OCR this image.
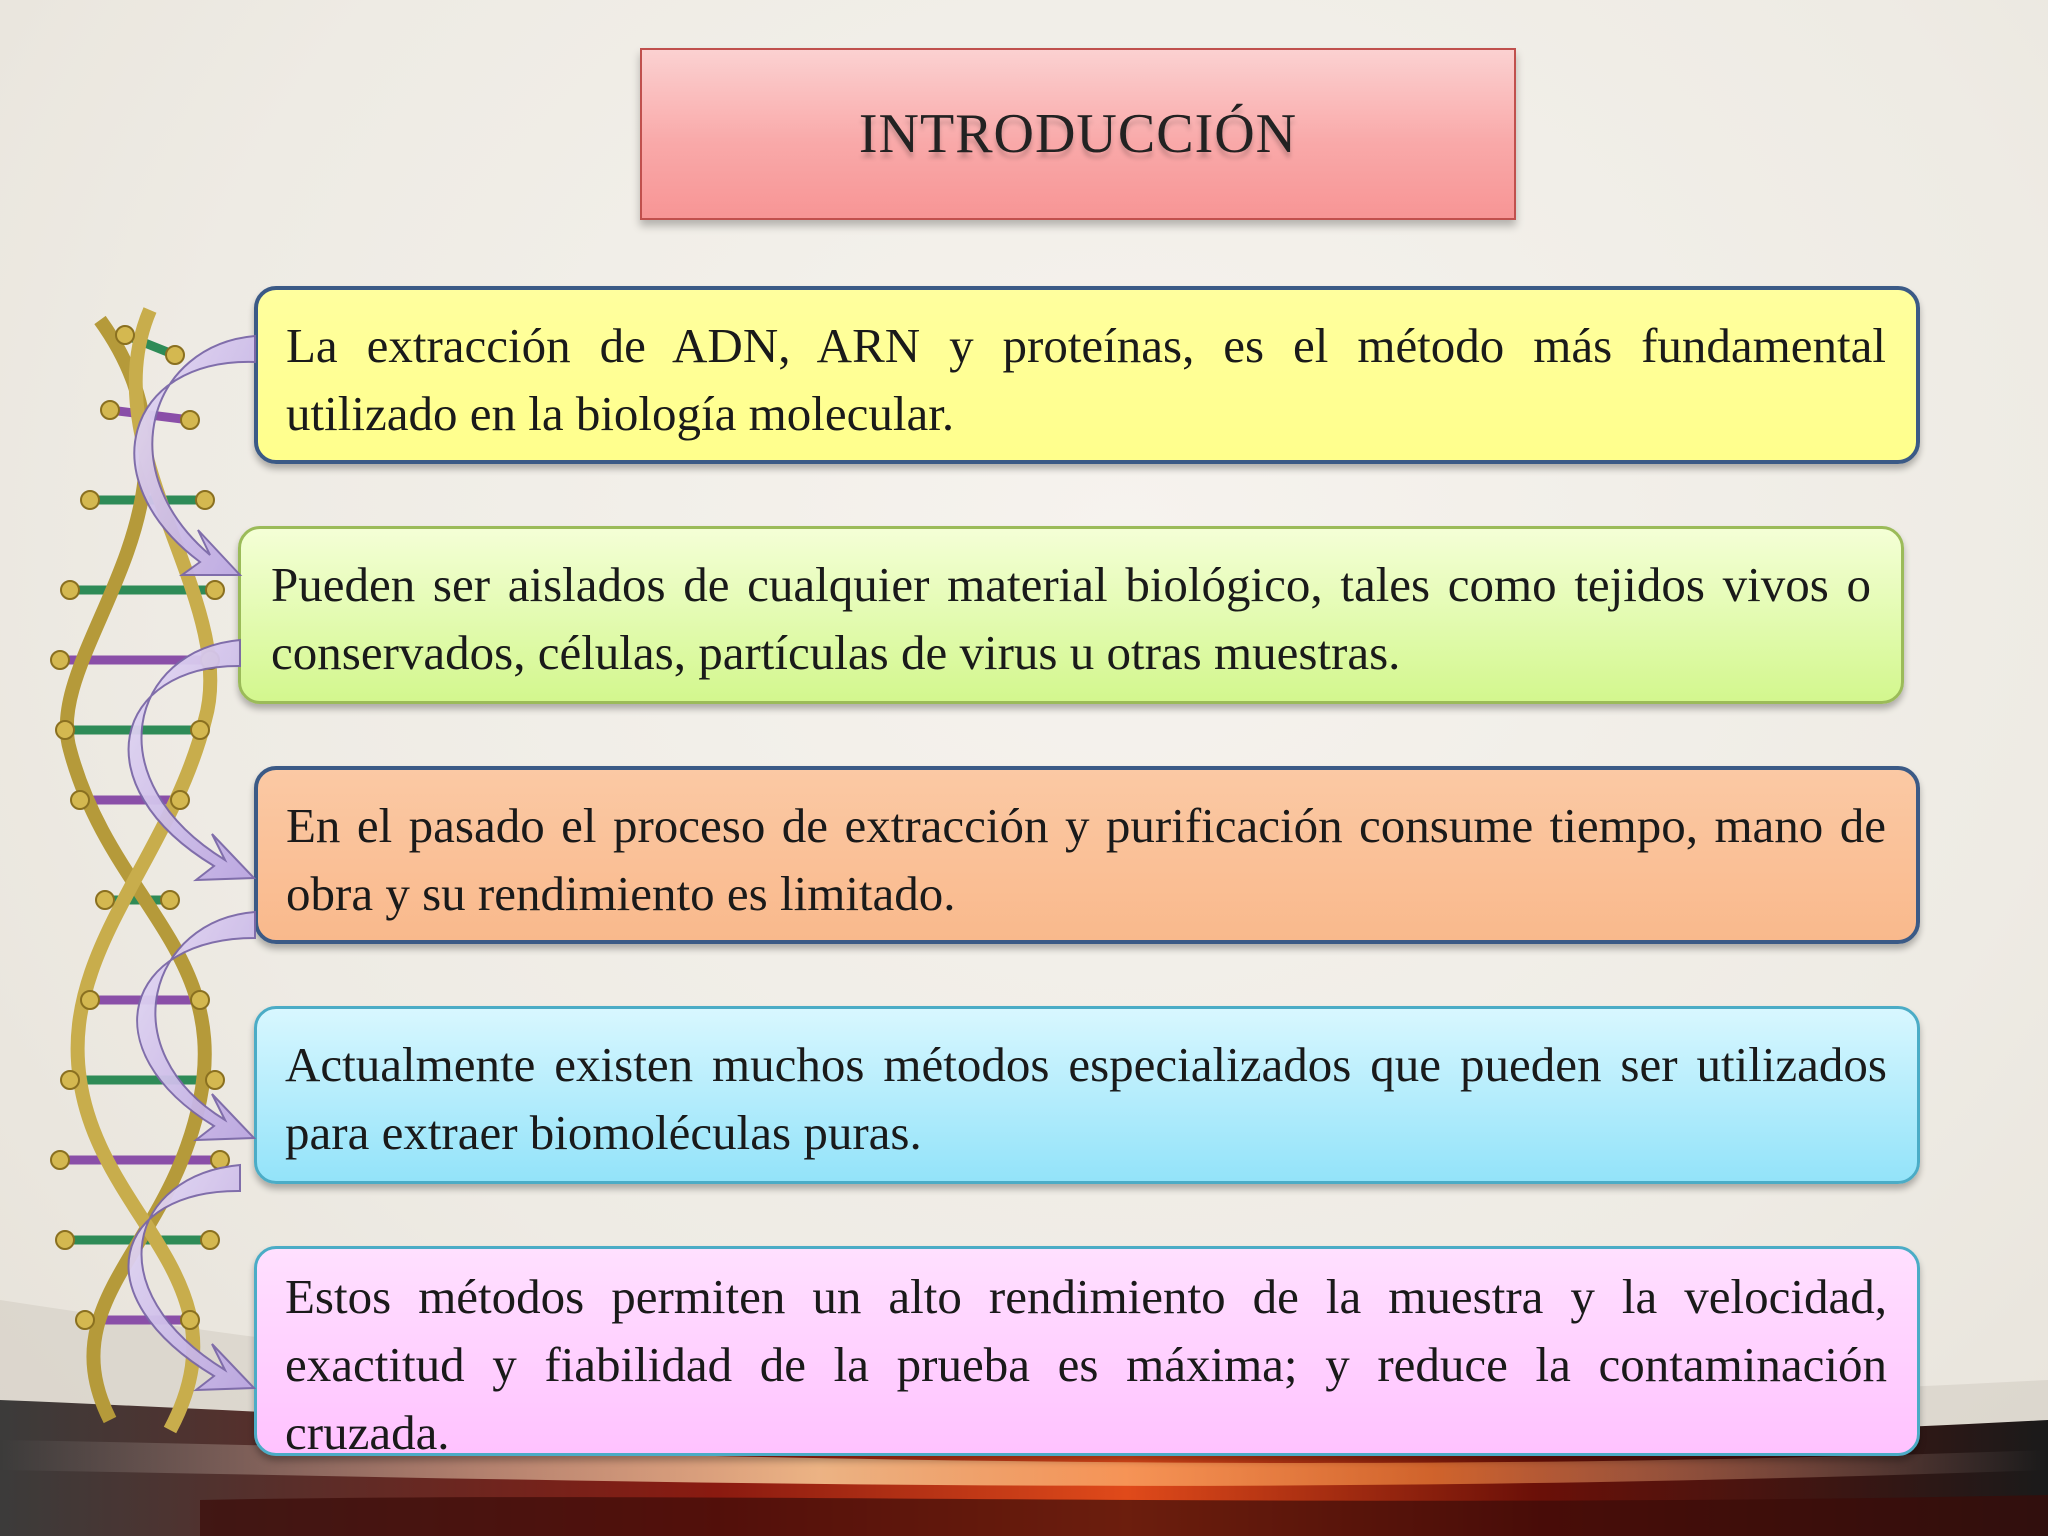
INTRODUCCIÓN
La extracción de ADN, ARN y proteínas, es el método más fundamental utilizado en la biología molecular.
Pueden ser aislados de cualquier material biológico, tales como tejidos vivos o conservados, células, partículas de virus u otras muestras.
En el pasado el proceso de extracción y purificación consume tiempo, mano de obra y su rendimiento es limitado.
Actualmente existen muchos métodos especializados que pueden ser utilizados para extraer biomoléculas puras.
Estos métodos permiten un alto rendimiento de la muestra y la velocidad, exactitud y fiabilidad de la prueba es máxima; y reduce la contaminación cruzada.
